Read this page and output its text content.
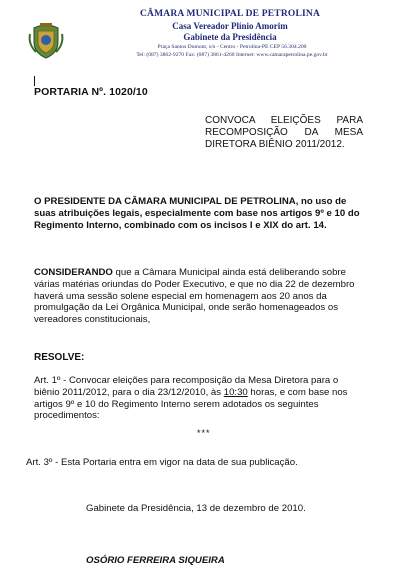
CÂMARA MUNICIPAL DE PETROLINA
Casa Vereador Plínio Amorim
Gabinete da Presidência
Praça Santos Dumont, s/n - Centro - Petrolina-PE CEP 56.304.200
Tel: (087) 3862-9270 Fax: (087) 3861-4260 Internet: www.camarapetrolina.pe.gov.br
PORTARIA Nº. 1020/10
CONVOCA ELEIÇÕES PARA
RECOMPOSIÇÃO DA MESA
DIRETORA BIÊNIO 2011/2012.
O PRESIDENTE DA CÂMARA MUNICIPAL DE PETROLINA, no uso de suas atribuições legais, especialmente com base nos artigos 9º e 10 do Regimento Interno, combinado com os incisos I e XIX do art. 14.
CONSIDERANDO que a Câmara Municipal ainda está deliberando sobre várias matérias oriundas do Poder Executivo, e que no dia 22 de dezembro haverá uma sessão solene especial em homenagem aos 20 anos da promulgação da Lei Orgânica Municipal, onde serão homenageados os vereadores constitucionais,
RESOLVE:
Art. 1º - Convocar eleições para recomposição da Mesa Diretora para o biênio 2011/2012, para o dia 23/12/2010, às 10:30 horas, e com base nos artigos 9º e 10 do Regimento Interno serem adotados os seguintes procedimentos:
***
Art. 3º - Esta Portaria entra em vigor na data de sua publicação.
Gabinete da Presidência, 13 de dezembro de 2010.
OSÓRIO FERREIRA SIQUEIRA
